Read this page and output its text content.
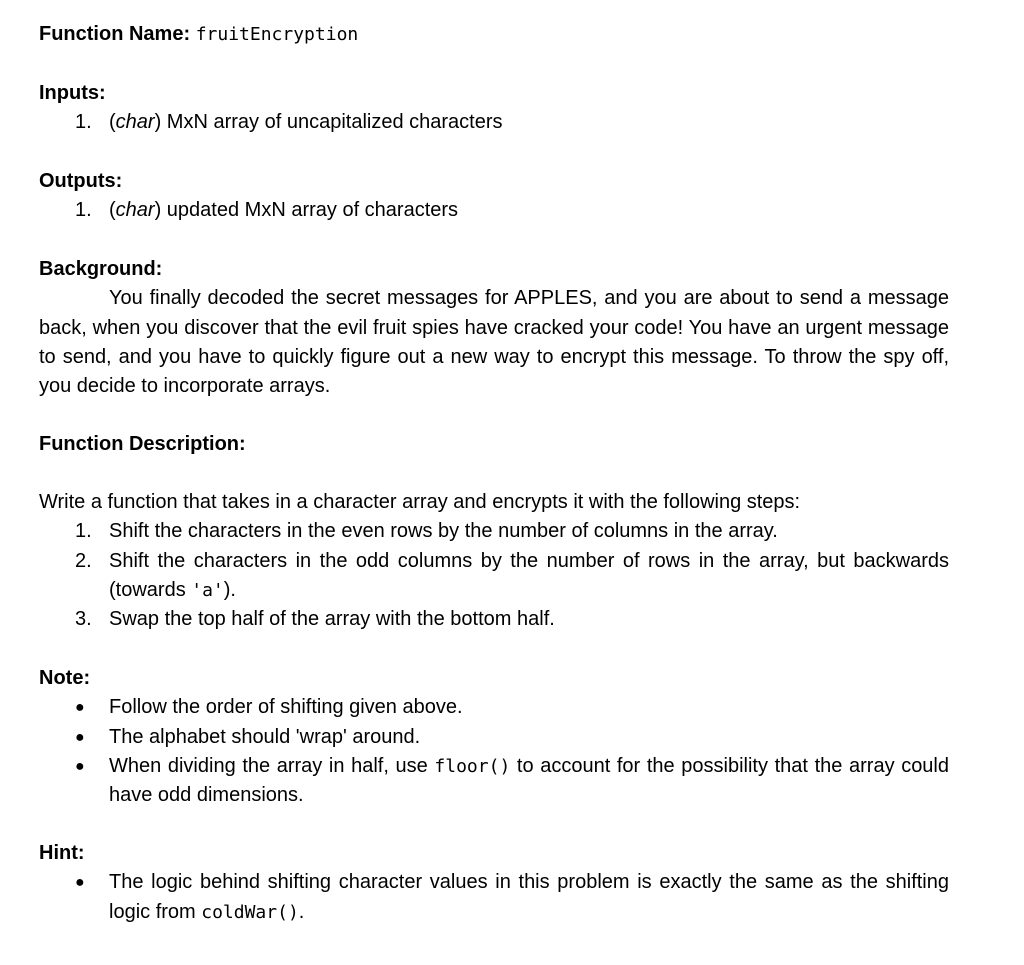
Function Name: fruitEncryption
Inputs:
1. (char) MxN array of uncapitalized characters
Outputs:
1. (char) updated MxN array of characters
Background:

You finally decoded the secret messages for APPLES, and you are about to send a message back, when you discover that the evil fruit spies have cracked your code! You have an urgent message to send, and you have to quickly figure out a new way to encrypt this message. To throw the spy off, you decide to incorporate arrays.

Function Description:

Write a function that takes in a character array and encrypts it with the following steps:

1. Shift the characters in the even rows by the number of columns in the array.
2. Shift the characters in the odd columns by the number of rows in the array, but backwards (towards 'a').
3. Swap the top half of the array with the bottom half.
Note:
● Follow the order of shifting given above.
● The alphabet should 'wrap' around.
● When dividing the array in half, use floor() to account for the possibility that the array could have odd dimensions.
Hint:
● The logic behind shifting character values in this problem is exactly the same as the shifting logic from coldWar().
